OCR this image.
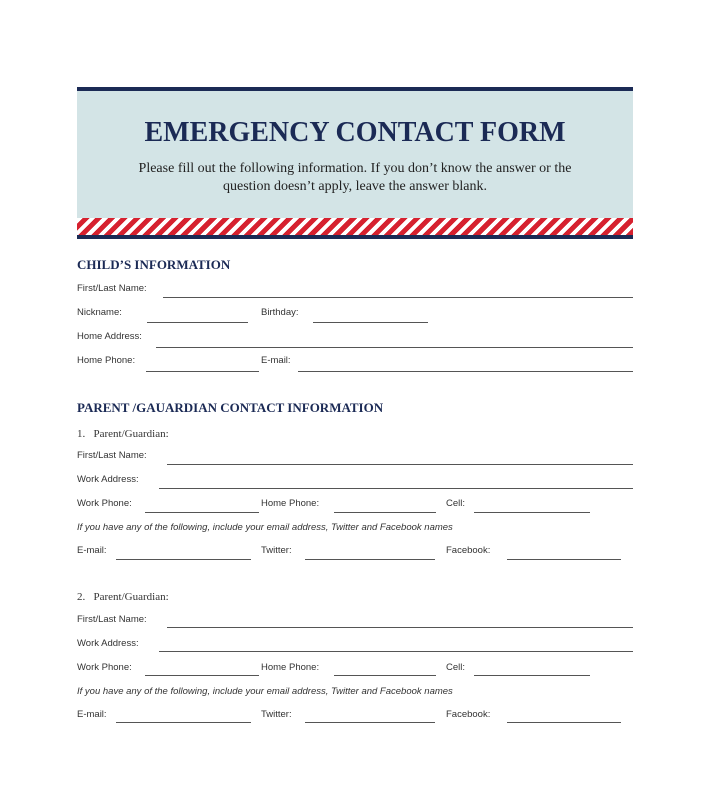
EMERGENCY CONTACT FORM
Please fill out the following information. If you don’t know the answer or the
question doesn’t apply, leave the answer blank.
CHILD’S INFORMATION
First/Last Name:
Nickname:	Birthday:
Home Address:
Home Phone:	E-mail:
PARENT /GAUARDIAN CONTACT INFORMATION
1.   Parent/Guardian:
First/Last Name:
Work Address:
Work Phone:	Home Phone:	Cell:
If you have any of the following, include your email address, Twitter and Facebook names
E-mail:	Twitter:	Facebook:
2.   Parent/Guardian:
First/Last Name:
Work Address:
Work Phone:	Home Phone:	Cell:
If you have any of the following, include your email address, Twitter and Facebook names
E-mail:	Twitter:	Facebook:
